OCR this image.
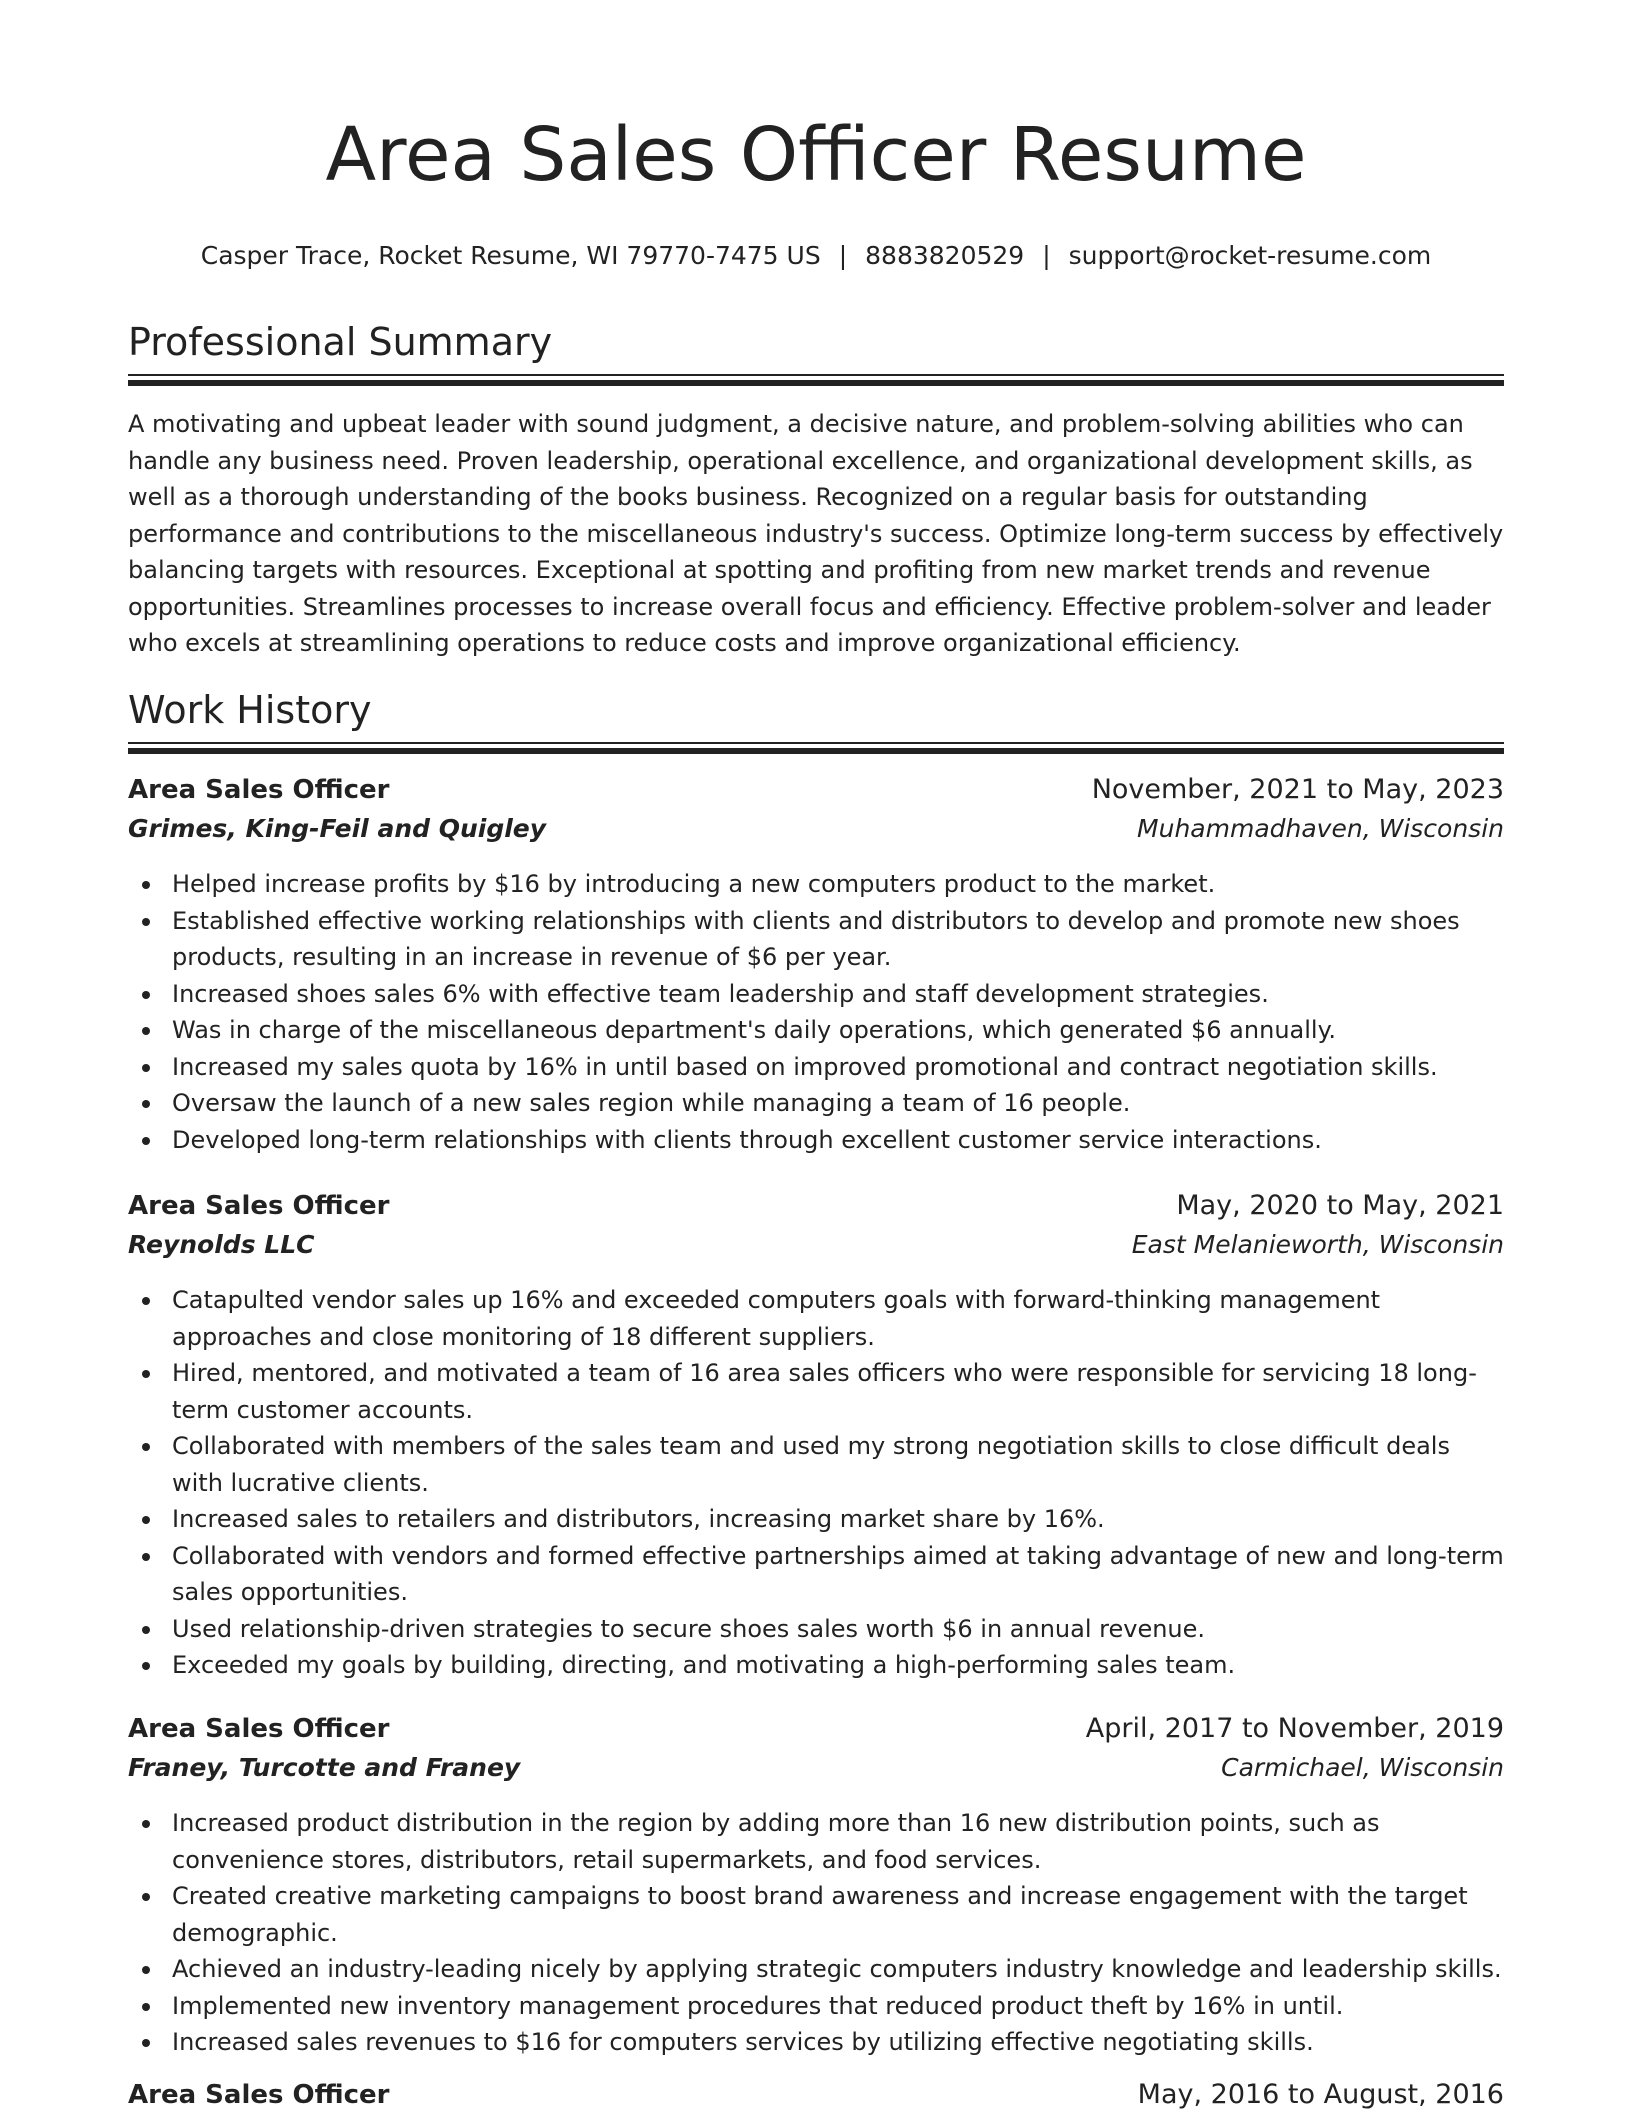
Area Sales Officer Resume
Casper Trace, Rocket Resume, WI 79770-7475 US | 8883820529 | support@rocket-resume.com
Professional Summary

A motivating and upbeat leader with sound judgment, a decisive nature, and problem-solving abilities who can handle any business need. Proven leadership, operational excellence, and organizational development skills, as well as a thorough understanding of the books business. Recognized on a regular basis for outstanding performance and contributions to the miscellaneous industry's success. Optimize long-term success by effectively balancing targets with resources. Exceptional at spotting and profiting from new market trends and revenue opportunities. Streamlines processes to increase overall focus and efficiency. Effective problem-solver and leader who excels at streamlining operations to reduce costs and improve organizational efficiency.

Work History
Area Sales Officer	November, 2021 to May, 2023
Grimes, King-Feil and Quigley	Muhammadhaven, Wisconsin
Helped increase profits by $16 by introducing a new computers product to the market.
Established effective working relationships with clients and distributors to develop and promote new shoes products, resulting in an increase in revenue of $6 per year.
Increased shoes sales 6% with effective team leadership and staff development strategies.
Was in charge of the miscellaneous department's daily operations, which generated $6 annually.
Increased my sales quota by 16% in until based on improved promotional and contract negotiation skills.
Oversaw the launch of a new sales region while managing a team of 16 people.
Developed long-term relationships with clients through excellent customer service interactions.
Area Sales Officer	May, 2020 to May, 2021
Reynolds LLC	East Melanieworth, Wisconsin
Catapulted vendor sales up 16% and exceeded computers goals with forward-thinking management approaches and close monitoring of 18 different suppliers.
Hired, mentored, and motivated a team of 16 area sales officers who were responsible for servicing 18 long-term customer accounts.
Collaborated with members of the sales team and used my strong negotiation skills to close difficult deals with lucrative clients.
Increased sales to retailers and distributors, increasing market share by 16%.
Collaborated with vendors and formed effective partnerships aimed at taking advantage of new and long-term sales opportunities.
Used relationship-driven strategies to secure shoes sales worth $6 in annual revenue.
Exceeded my goals by building, directing, and motivating a high-performing sales team.
Area Sales Officer	April, 2017 to November, 2019
Franey, Turcotte and Franey	Carmichael, Wisconsin
Increased product distribution in the region by adding more than 16 new distribution points, such as convenience stores, distributors, retail supermarkets, and food services.
Created creative marketing campaigns to boost brand awareness and increase engagement with the target demographic.
Achieved an industry-leading nicely by applying strategic computers industry knowledge and leadership skills.
Implemented new inventory management procedures that reduced product theft by 16% in until.
Increased sales revenues to $16 for computers services by utilizing effective negotiating skills.
Area Sales Officer	May, 2016 to August, 2016
